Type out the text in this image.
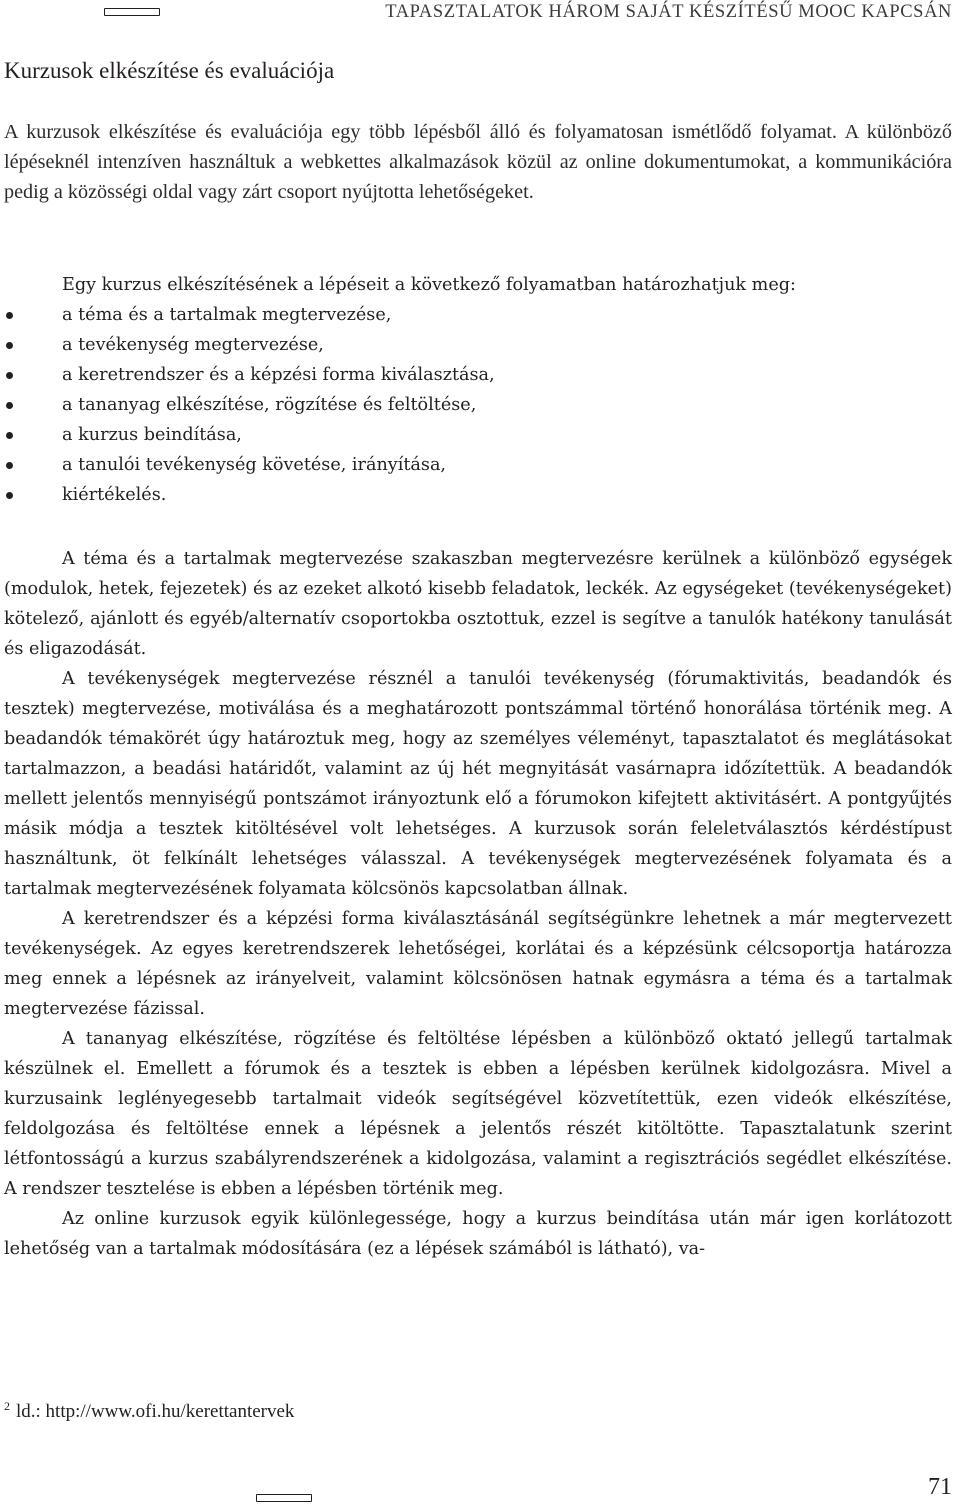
TAPASZTALATOK HÁROM SAJÁT KÉSZÍTÉSŰ MOOC KAPCSÁN
Kurzusok elkészítése és evaluációja

A kurzusok elkészítése és evaluációja egy több lépésből álló és folyamatosan ismétlődő folyamat. A különböző lépéseknél intenzíven használtuk a webkettes alkalmazások közül az online dokumentumokat, a kommunikációra pedig a közösségi oldal vagy zárt csoport nyújtotta lehetőségeket.

Egy kurzus elkészítésének a lépéseit a következő folyamatban határozhatjuk meg:

a téma és a tartalmak megtervezése,
a tevékenység megtervezése,
a keretrendszer és a képzési forma kiválasztása,
a tananyag elkészítése, rögzítése és feltöltése,
a kurzus beindítása,
a tanulói tevékenység követése, irányítása,
kiértékelés.

A téma és a tartalmak megtervezése szakaszban megtervezésre kerülnek a különböző egységek (modulok, hetek, fejezetek) és az ezeket alkotó kisebb feladatok, leckék. Az egységeket (tevékenységeket) kötelező, ajánlott és egyéb/alternatív csoportokba osztottuk, ezzel is segítve a tanulók hatékony tanulását és eligazodását.

A tevékenységek megtervezése résznél a tanulói tevékenység (fórumaktivitás, beadandók és tesztek) megtervezése, motiválása és a meghatározott pontszámmal történő honorálása történik meg. A beadandók témakörét úgy határoztuk meg, hogy az személyes véleményt, tapasztalatot és meglátásokat tartalmazzon, a beadási határidőt, valamint az új hét megnyitását vasárnapra időzítettük. A beadandók mellett jelentős mennyiségű pontszámot irányoztunk elő a fórumokon kifejtett aktivitásért. A pontgyűjtés másik módja a tesztek kitöltésével volt lehetséges. A kurzusok során feleletválasztós kérdéstípust használtunk, öt felkínált lehetséges válasszal. A tevékenységek megtervezésének folyamata és a tartalmak megtervezésének folyamata kölcsönös kapcsolatban állnak.

A keretrendszer és a képzési forma kiválasztásánál segítségünkre lehetnek a már megtervezett tevékenységek. Az egyes keretrendszerek lehetőségei, korlátai és a képzésünk célcsoportja határozza meg ennek a lépésnek az irányelveit, valamint kölcsönösen hatnak egymásra a téma és a tartalmak megtervezése fázissal.

A tananyag elkészítése, rögzítése és feltöltése lépésben a különböző oktató jellegű tartalmak készülnek el. Emellett a fórumok és a tesztek is ebben a lépésben kerülnek kidolgozásra. Mivel a kurzusaink leglényegesebb tartalmait videók segítségével közvetítettük, ezen videók elkészítése, feldolgozása és feltöltése ennek a lépésnek a jelentős részét kitöltötte. Tapasztalatunk szerint létfontosságú a kurzus szabályrendszerének a kidolgozása, valamint a regisztrációs segédlet elkészítése. A rendszer tesztelése is ebben a lépésben történik meg.

Az online kurzusok egyik különlegessége, hogy a kurzus beindítása után már igen korlátozott lehetőség van a tartalmak módosítására (ez a lépések számából is látható), va-

$^2$ ld.: http://www.ofi.hu/kerettantervek
71
